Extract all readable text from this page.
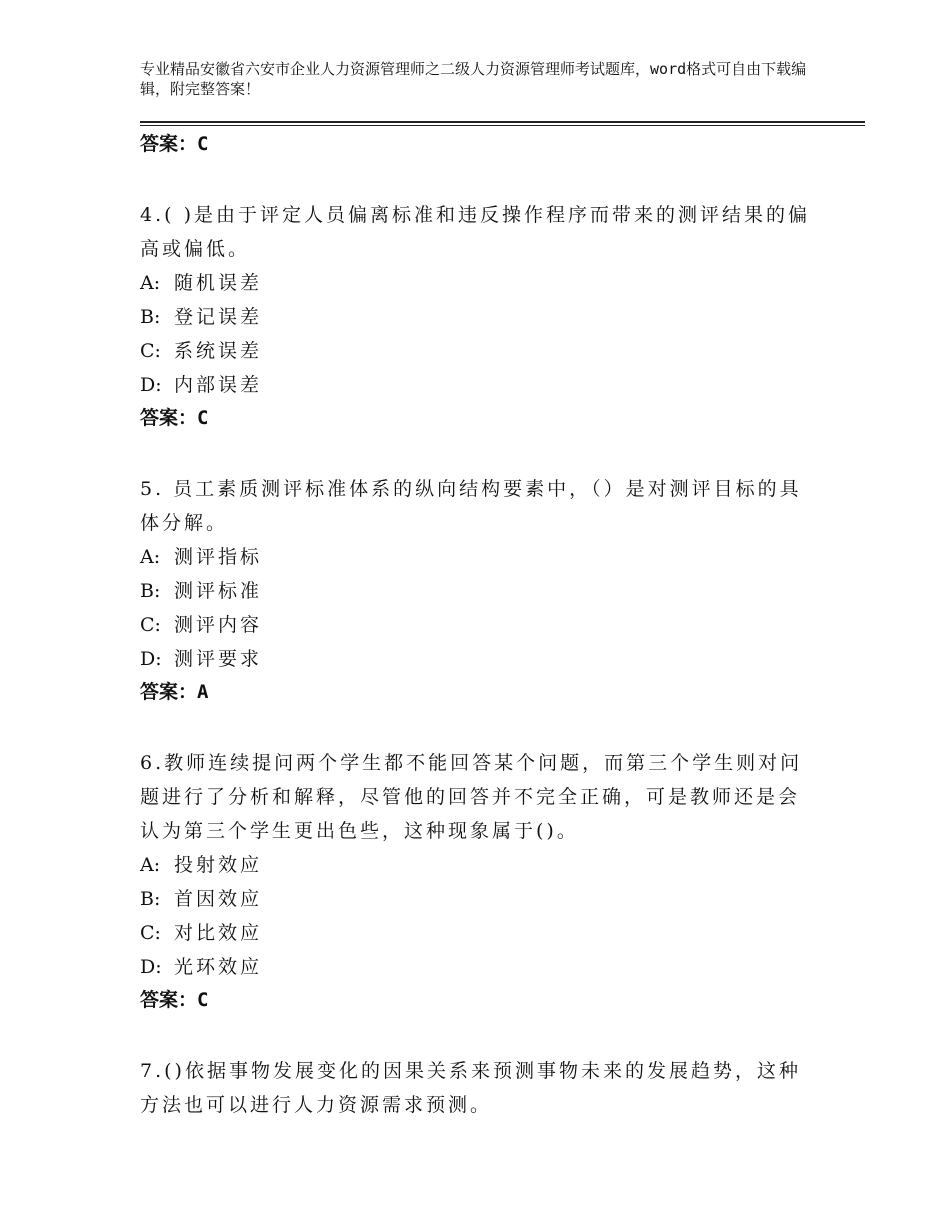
专业精品安徽省六安市企业人力资源管理师之二级人力资源管理师考试题库，word格式可自由下载编辑，附完整答案！
答案：C
4.( )是由于评定人员偏离标准和违反操作程序而带来的测评结果的偏高或偏低。
A: 随机误差
B: 登记误差
C: 系统误差
D: 内部误差
答案：C
5. 员工素质测评标准体系的纵向结构要素中，（）是对测评目标的具体分解。
A: 测评指标
B: 测评标准
C: 测评内容
D: 测评要求
答案：A
6.教师连续提问两个学生都不能回答某个问题，而第三个学生则对问题进行了分析和解释，尽管他的回答并不完全正确，可是教师还是会认为第三个学生更出色些，这种现象属于()。
A: 投射效应
B: 首因效应
C: 对比效应
D: 光环效应
答案：C
7.()依据事物发展变化的因果关系来预测事物未来的发展趋势，这种方法也可以进行人力资源需求预测。
